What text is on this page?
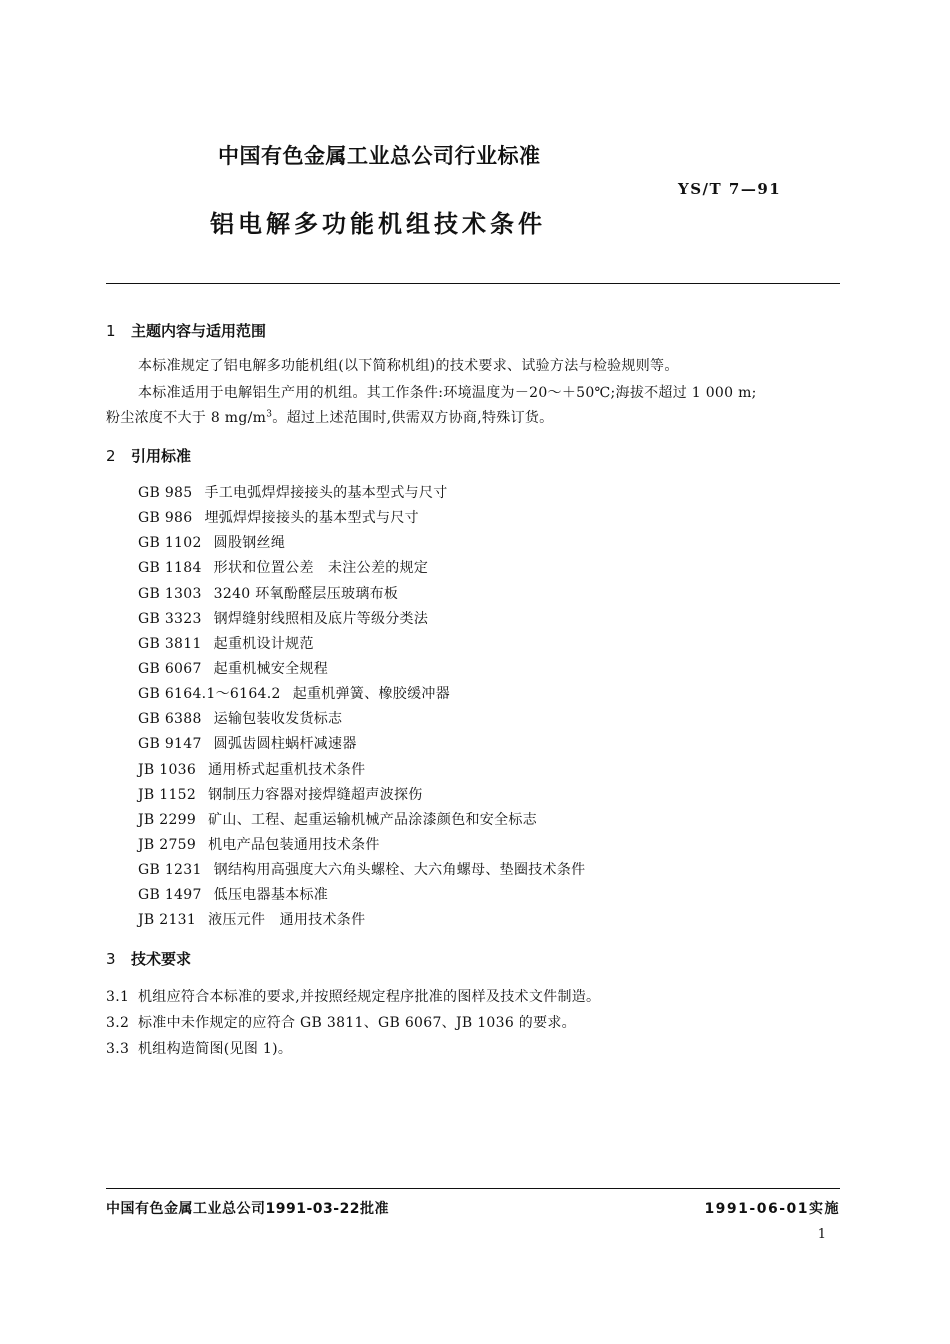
中国有色金属工业总公司行业标准
YS/T 7—91
铝电解多功能机组技术条件
1 主题内容与适用范围
本标准规定了铝电解多功能机组(以下简称机组)的技术要求、试验方法与检验规则等。
本标准适用于电解铝生产用的机组。其工作条件:环境温度为－20～＋50℃;海拔不超过 1 000 m;
粉尘浓度不大于 8 $mg/m^3$。超过上述范围时,供需双方协商,特殊订货。
2 引用标准
GB 985 手工电弧焊焊接接头的基本型式与尺寸
GB 986 埋弧焊焊接接头的基本型式与尺寸
GB 1102 圆股钢丝绳
GB 1184 形状和位置公差　未注公差的规定
GB 1303 3240 环氧酚醛层压玻璃布板
GB 3323 钢焊缝射线照相及底片等级分类法
GB 3811 起重机设计规范
GB 6067 起重机械安全规程
GB 6164.1～6164.2 起重机弹簧、橡胶缓冲器
GB 6388 运输包装收发货标志
GB 9147 圆弧齿圆柱蜗杆减速器
JB 1036 通用桥式起重机技术条件
JB 1152 钢制压力容器对接焊缝超声波探伤
JB 2299 矿山、工程、起重运输机械产品涂漆颜色和安全标志
JB 2759 机电产品包装通用技术条件
GB 1231 钢结构用高强度大六角头螺栓、大六角螺母、垫圈技术条件
GB 1497 低压电器基本标准
JB 2131 液压元件　通用技术条件
3 技术要求
3.1 机组应符合本标准的要求,并按照经规定程序批准的图样及技术文件制造。
3.2 标准中未作规定的应符合 GB 3811、GB 6067、JB 1036 的要求。
3.3 机组构造简图(见图 1)。
中国有色金属工业总公司1991-03-22批准	1991-06-01实施
1
